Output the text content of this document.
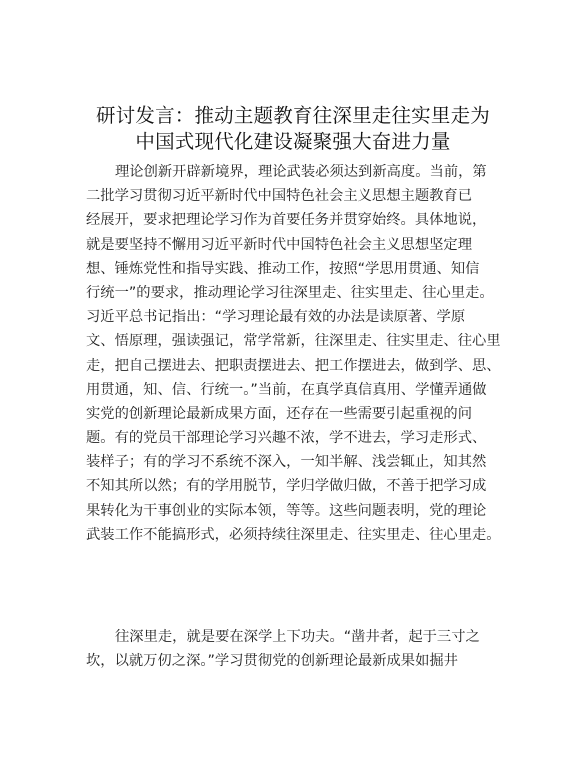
研讨发言：推动主题教育往深里走往实里走为
中国式现代化建设凝聚强大奋进力量
理论创新开辟新境界，理论武装必须达到新高度。当前，第
二批学习贯彻习近平新时代中国特色社会主义思想主题教育已
经展开，要求把理论学习作为首要任务并贯穿始终。具体地说，
就是要坚持不懈用习近平新时代中国特色社会主义思想坚定理
想、锤炼党性和指导实践、推动工作，按照“学思用贯通、知信
行统一”的要求，推动理论学习往深里走、往实里走、往心里走。
习近平总书记指出：“学习理论最有效的办法是读原著、学原
文、悟原理，强读强记，常学常新，往深里走、往实里走、往心里
走，把自己摆进去、把职责摆进去、把工作摆进去，做到学、思、
用贯通，知、信、行统一。”当前，在真学真信真用、学懂弄通做
实党的创新理论最新成果方面，还存在一些需要引起重视的问
题。有的党员干部理论学习兴趣不浓，学不进去，学习走形式、
装样子；有的学习不系统不深入，一知半解、浅尝辄止，知其然
不知其所以然；有的学用脱节，学归学做归做，不善于把学习成
果转化为干事创业的实际本领，等等。这些问题表明，党的理论
武装工作不能搞形式，必须持续往深里走、往实里走、往心里走。
往深里走，就是要在深学上下功夫。“凿井者，起于三寸之
坎，以就万仞之深。”学习贯彻党的创新理论最新成果如掘井
